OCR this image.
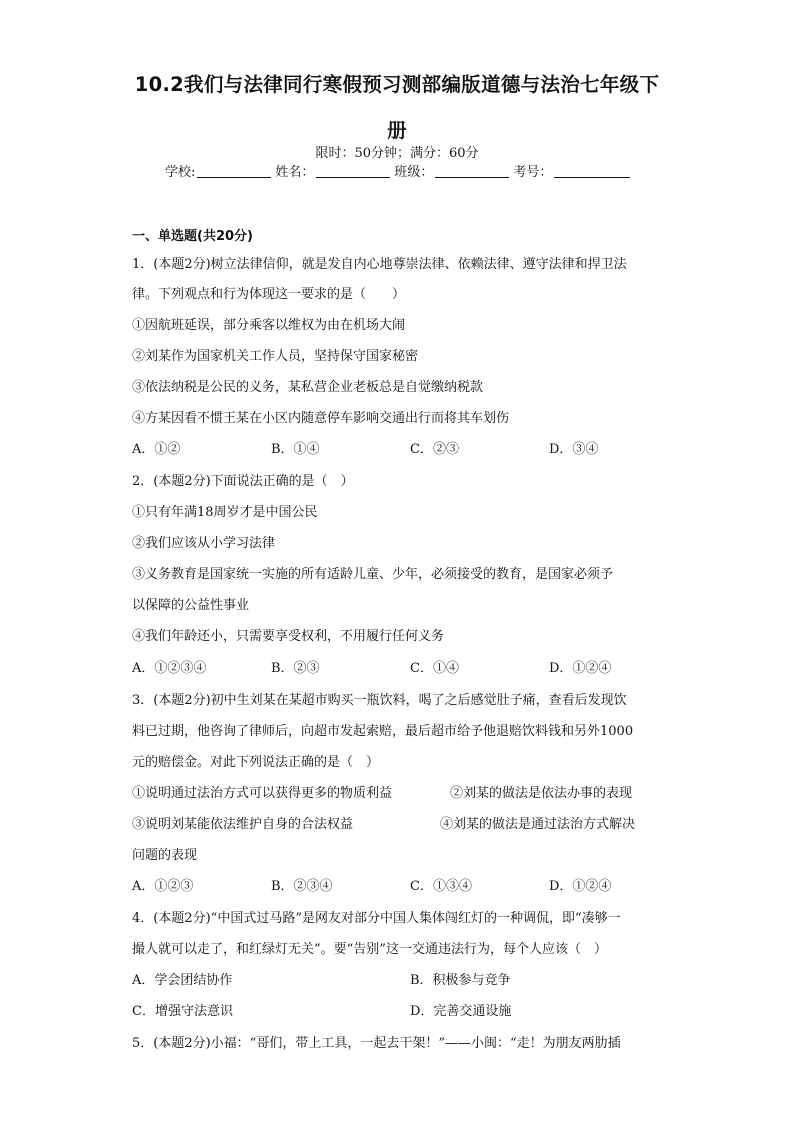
10.2我们与法律同行寒假预习测部编版道德与法治七年级下
册
限时：50分钟；满分：60分
学校:	姓名：	班级：	考号：
一、单选题(共20分)
1．(本题2分)树立法律信仰，就是发自内心地尊崇法律、依赖法律、遵守法律和捍卫法
律。下列观点和行为体现这一要求的是（　　）
①因航班延误，部分乘客以维权为由在机场大闹
②刘某作为国家机关工作人员，坚持保守国家秘密
③依法纳税是公民的义务，某私营企业老板总是自觉缴纳税款
④方某因看不惯王某在小区内随意停车影响交通出行而将其车划伤
A．①②	B．①④	C．②③	D．③④
2．(本题2分)下面说法正确的是（　）
①只有年满18周岁才是中国公民
②我们应该从小学习法律
③义务教育是国家统一实施的所有适龄儿童、少年，必须接受的教育，是国家必须予
以保障的公益性事业
④我们年龄还小，只需要享受权利，不用履行任何义务
A．①②③④	B．②③	C．①④	D．①②④
3．(本题2分)初中生刘某在某超市购买一瓶饮料，喝了之后感觉肚子痛，查看后发现饮
料已过期，他咨询了律师后，向超市发起索赔，最后超市给予他退赔饮料钱和另外1000
元的赔偿金。对此下列说法正确的是（　）
①说明通过法治方式可以获得更多的物质利益	②刘某的做法是依法办事的表现
③说明刘某能依法维护自身的合法权益	④刘某的做法是通过法治方式解决
问题的表现
A．①②③	B．②③④	C．①③④	D．①②④
4．(本题2分)“中国式过马路”是网友对部分中国人集体闯红灯的一种调侃，即“凑够一
撮人就可以走了，和红绿灯无关”。要“告别”这一交通违法行为，每个人应该（　）
A．学会团结协作	B．积极参与竞争
C．增强守法意识	D．完善交通设施
5．(本题2分)小福：“哥们，带上工具，一起去干架！”——小闽：“走！为朋友两肋插
